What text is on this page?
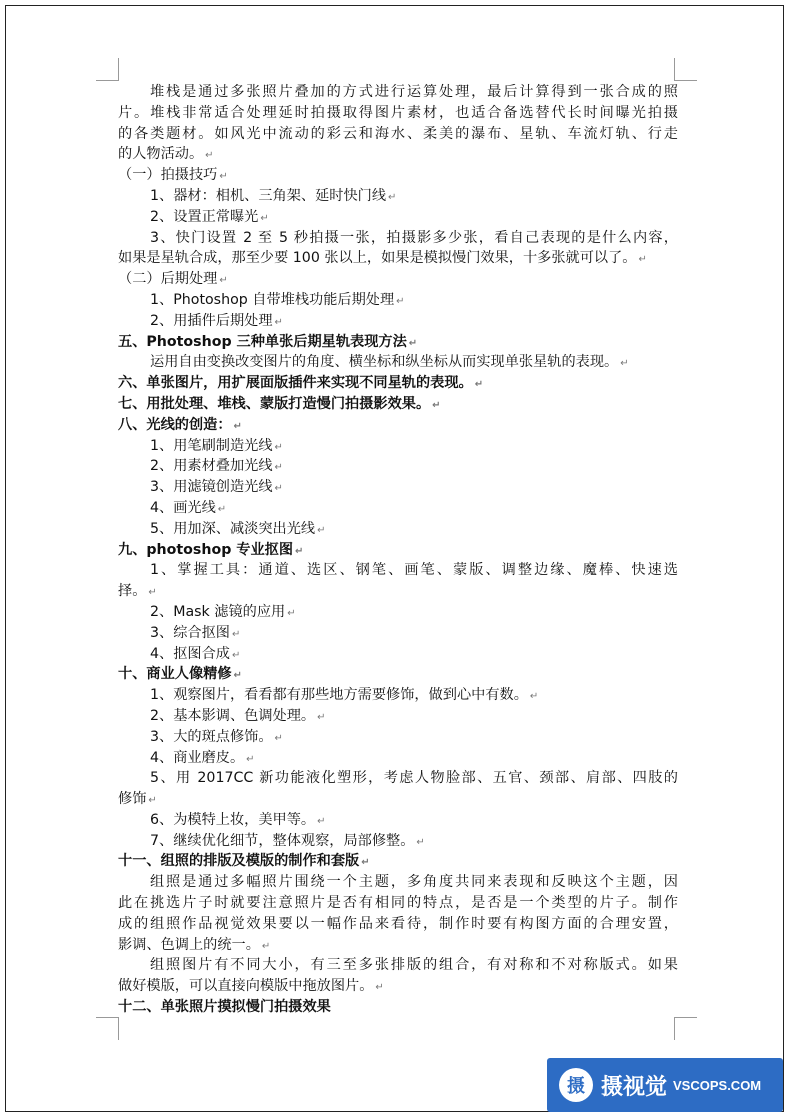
堆栈是通过多张照片叠加的方式进行运算处理，最后计算得到一张合成的照
片。堆栈非常适合处理延时拍摄取得图片素材，也适合备选替代长时间曝光拍摄
的各类题材。如风光中流动的彩云和海水、柔美的瀑布、星轨、车流灯轨、行走
的人物活动。 ↵
（一）拍摄技巧 ↵
1、器材：相机、三角架、延时快门线 ↵
2、设置正常曝光 ↵
3、快门设置 2 至 5 秒拍摄一张，拍摄影多少张，看自己表现的是什么内容，
如果是星轨合成，那至少要 100 张以上，如果是模拟慢门效果，十多张就可以了。 ↵
（二）后期处理 ↵
1、Photoshop 自带堆栈功能后期处理 ↵
2、用插件后期处理 ↵
五、Photoshop 三种单张后期星轨表现方法 ↵
运用自由变换改变图片的角度、横坐标和纵坐标从而实现单张星轨的表现。 ↵
六、单张图片，用扩展面版插件来实现不同星轨的表现。 ↵
七、用批处理、堆栈、蒙版打造慢门拍摄影效果。 ↵
八、光线的创造： ↵
1、用笔刷制造光线 ↵
2、用素材叠加光线 ↵
3、用滤镜创造光线 ↵
4、画光线 ↵
5、用加深、减淡突出光线 ↵
九、photoshop 专业抠图 ↵
1、掌握工具：通道、选区、钢笔、画笔、蒙版、调整边缘、魔棒、快速选
择。 ↵
2、Mask 滤镜的应用 ↵
3、综合抠图 ↵
4、抠图合成 ↵
十、商业人像精修 ↵
1、观察图片，看看都有那些地方需要修饰，做到心中有数。 ↵
2、基本影调、色调处理。 ↵
3、大的斑点修饰。 ↵
4、商业磨皮。 ↵
5、用 2017CC 新功能液化塑形，考虑人物脸部、五官、颈部、肩部、四肢的
修饰 ↵
6、为模特上妆，美甲等。 ↵
7、继续优化细节，整体观察，局部修整。 ↵
十一、组照的排版及模版的制作和套版 ↵
组照是通过多幅照片围绕一个主题，多角度共同来表现和反映这个主题，因
此在挑选片子时就要注意照片是否有相同的特点，是否是一个类型的片子。制作
成的组照作品视觉效果要以一幅作品来看待，制作时要有构图方面的合理安置，
影调、色调上的统一。 ↵
组照图片有不同大小，有三至多张排版的组合，有对称和不对称版式。如果
做好模版，可以直接向模版中拖放图片。 ↵
十二、单张照片摸拟慢门拍摄效果
摄 摄视觉 VSCOPS.COM
